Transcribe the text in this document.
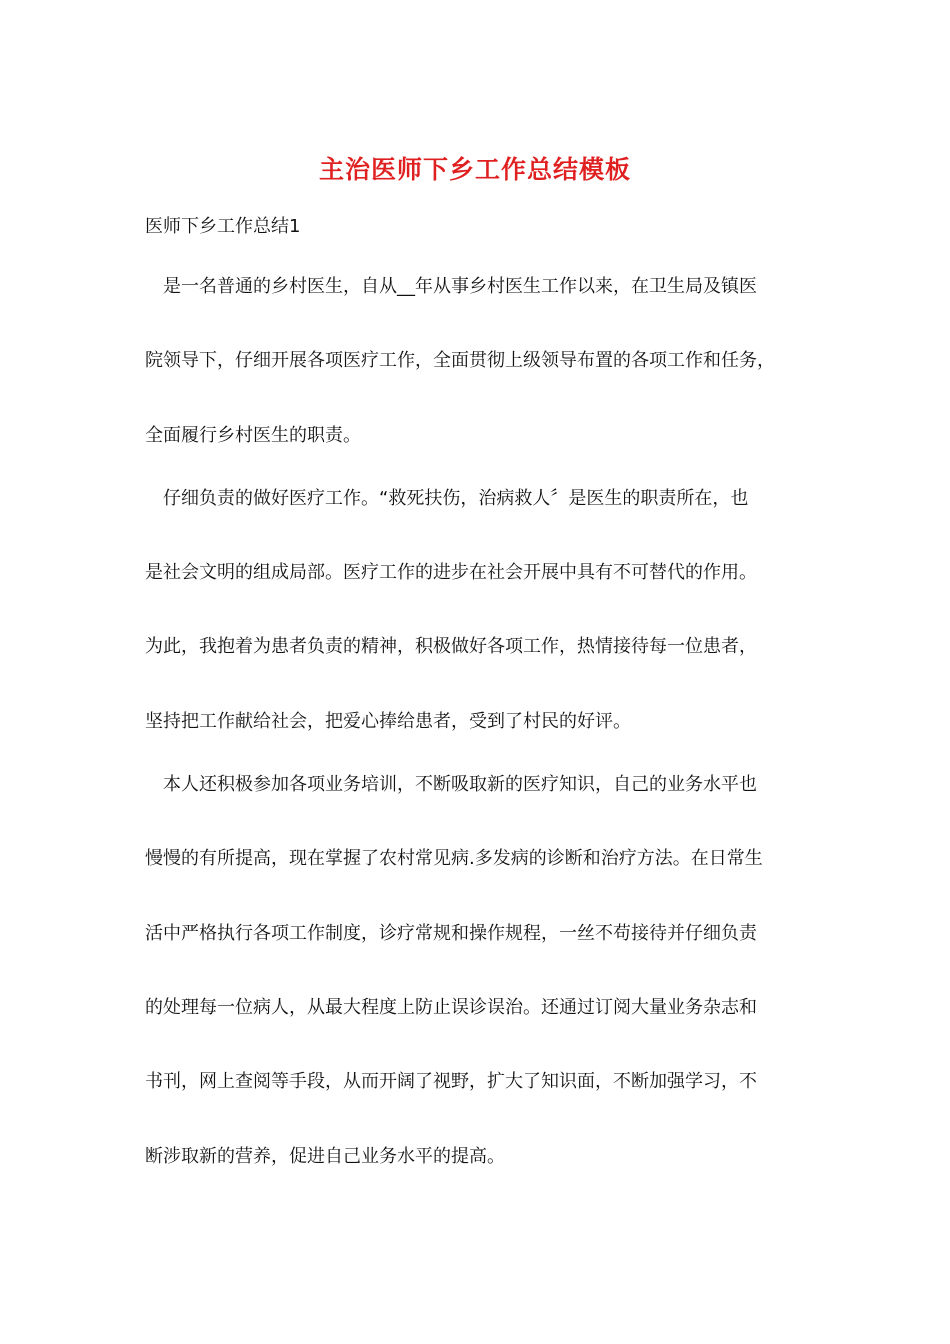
主治医师下乡工作总结模板
医师下乡工作总结1
是一名普通的乡村医生，自从__年从事乡村医生工作以来，在卫生局及镇医
院领导下，仔细开展各项医疗工作，全面贯彻上级领导布置的各项工作和任务，
全面履行乡村医生的职责。
仔细负责的做好医疗工作。“救死扶伤，治病救人〞是医生的职责所在，也
是社会文明的组成局部。医疗工作的进步在社会开展中具有不可替代的作用。
为此，我抱着为患者负责的精神，积极做好各项工作，热情接待每一位患者，
坚持把工作献给社会，把爱心捧给患者，受到了村民的好评。
本人还积极参加各项业务培训，不断吸取新的医疗知识，自己的业务水平也
慢慢的有所提高，现在掌握了农村常见病.多发病的诊断和治疗方法。在日常生
活中严格执行各项工作制度，诊疗常规和操作规程，一丝不苟接待并仔细负责
的处理每一位病人，从最大程度上防止误诊误治。还通过订阅大量业务杂志和
书刊，网上查阅等手段，从而开阔了视野，扩大了知识面，不断加强学习，不
断涉取新的营养，促进自己业务水平的提高。
